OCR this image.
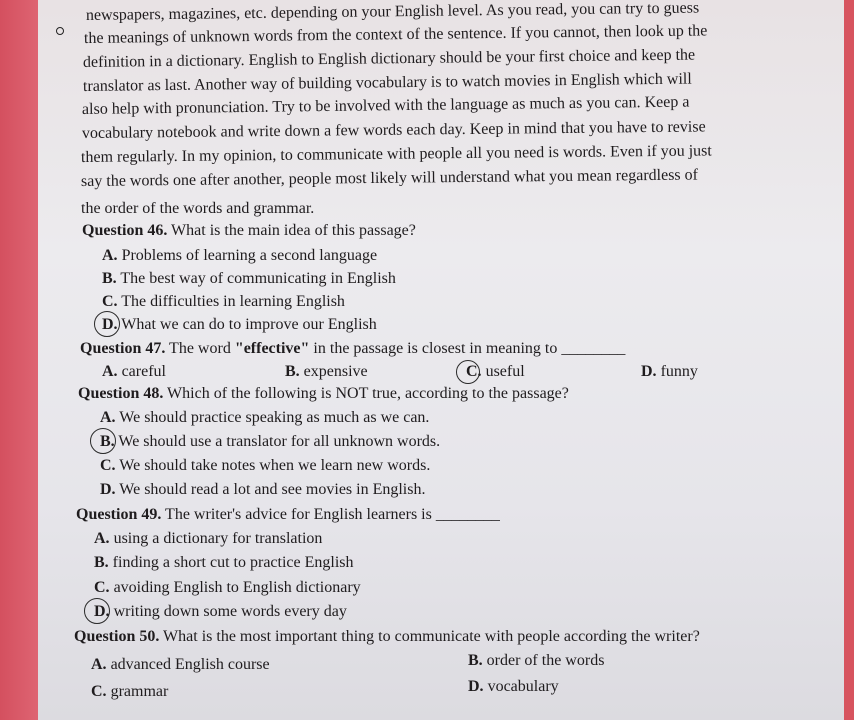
newspapers, magazines, etc. depending on your English level. As you read, you can try to guess
the meanings of unknown words from the context of the sentence. If you cannot, then look up the
definition in a dictionary. English to English dictionary should be your first choice and keep the
translator as last. Another way of building vocabulary is to watch movies in English which will
also help with pronunciation. Try to be involved with the language as much as you can. Keep a
vocabulary notebook and write down a few words each day. Keep in mind that you have to revise
them regularly. In my opinion, to communicate with people all you need is words. Even if you just
say the words one after another, people most likely will understand what you mean regardless of
the order of the words and grammar.
Question 46. What is the main idea of this passage?
A. Problems of learning a second language
B. The best way of communicating in English
C. The difficulties in learning English
D. What we can do to improve our English
Question 47. The word "effective" in the passage is closest in meaning to ________
A. careful	B. expensive	C. useful	D. funny
Question 48. Which of the following is NOT true, according to the passage?
A. We should practice speaking as much as we can.
B. We should use a translator for all unknown words.
C. We should take notes when we learn new words.
D. We should read a lot and see movies in English.
Question 49. The writer's advice for English learners is ________
A. using a dictionary for translation
B. finding a short cut to practice English
C. avoiding English to English dictionary
D. writing down some words every day
Question 50. What is the most important thing to communicate with people according the writer?
A. advanced English course	B. order of the words
C. grammar	D. vocabulary
